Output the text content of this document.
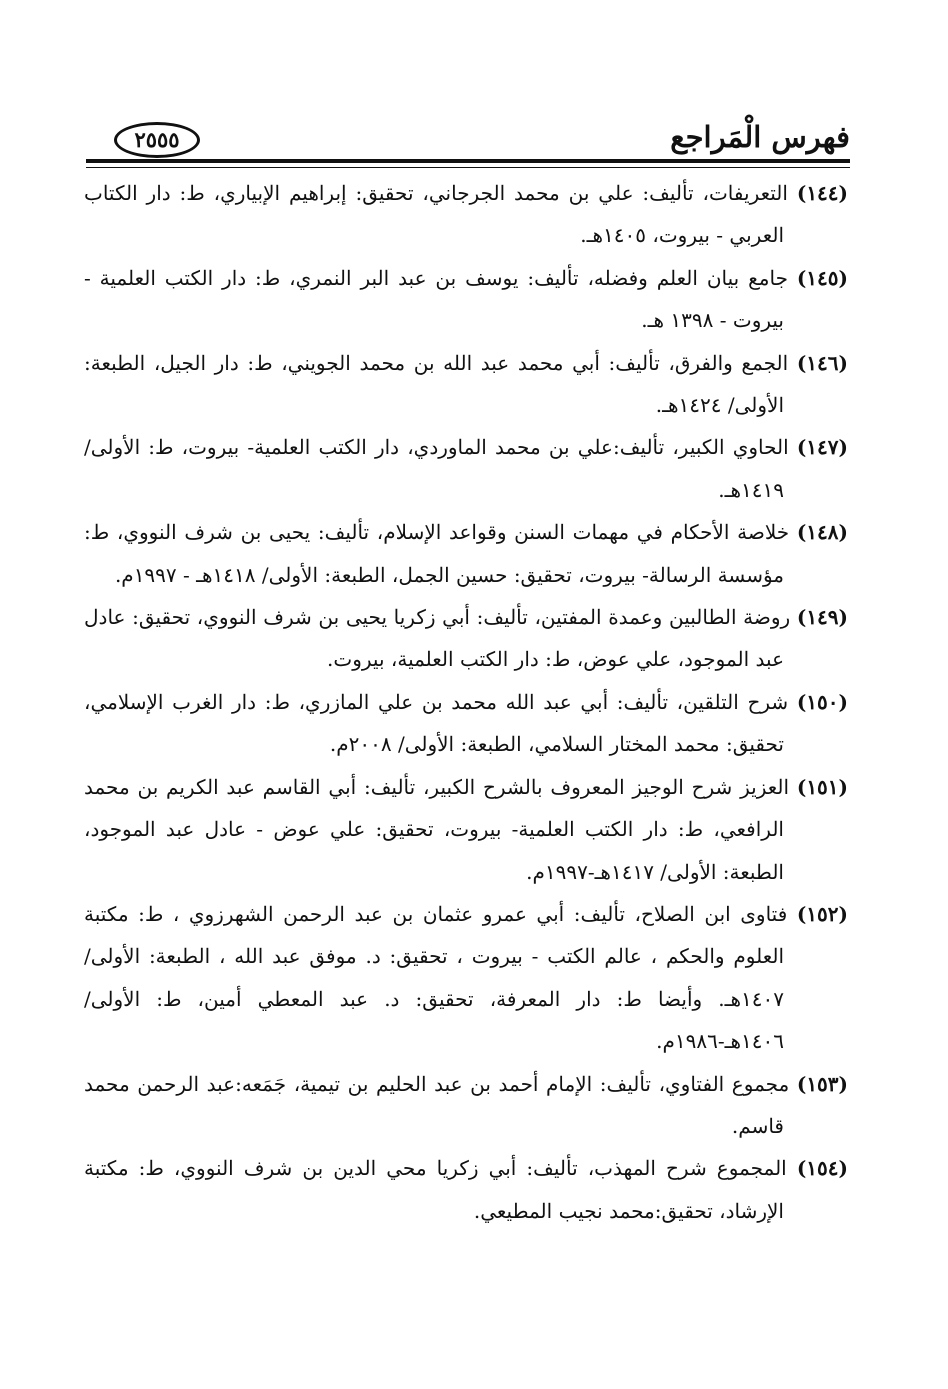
فهرس الْمَراجع
٢٥٥٥

(١٤٤) التعريفات، تأليف: علي بن محمد الجرجاني، تحقيق: إبراهيم الإبياري، ط: دار الكتاب العربي - بيروت، ١٤٠٥هـ.

(١٤٥) جامع بيان العلم وفضله، تأليف: يوسف بن عبد البر النمري، ط: دار الكتب العلمية - بيروت - ١٣٩٨ هـ.

(١٤٦) الجمع والفرق، تأليف: أبي محمد عبد الله بن محمد الجويني، ط: دار الجيل، الطبعة: الأولى/ ١٤٢٤هـ.

(١٤٧) الحاوي الكبير، تأليف:علي بن محمد الماوردي، دار الكتب العلمية- بيروت، ط: الأولى/ ١٤١٩هـ.

(١٤٨) خلاصة الأحكام في مهمات السنن وقواعد الإسلام، تأليف: يحيى بن شرف النووي، ط: مؤسسة الرسالة- بيروت، تحقيق: حسين الجمل، الطبعة: الأولى/ ١٤١٨هـ - ١٩٩٧م.

(١٤٩) روضة الطالبين وعمدة المفتين، تأليف: أبي زكريا يحيى بن شرف النووي، تحقيق: عادل عبد الموجود، علي عوض، ط: دار الكتب العلمية، بيروت.

(١٥٠) شرح التلقين، تأليف: أبي عبد الله محمد بن علي المازري، ط: دار الغرب الإسلامي، تحقيق: محمد المختار السلامي، الطبعة: الأولى/ ٢٠٠٨م.

(١٥١) العزيز شرح الوجيز المعروف بالشرح الكبير، تأليف: أبي القاسم عبد الكريم بن محمد الرافعي، ط: دار الكتب العلمية- بيروت، تحقيق: علي عوض - عادل عبد الموجود، الطبعة: الأولى/ ١٤١٧هـ-١٩٩٧م.

(١٥٢) فتاوى ابن الصلاح، تأليف: أبي عمرو عثمان بن عبد الرحمن الشهرزوي ، ط: مكتبة العلوم والحكم ، عالم الكتب - بيروت ، تحقيق: د. موفق عبد الله ، الطبعة: الأولى/ ١٤٠٧هـ. وأيضا ط: دار المعرفة، تحقيق: د. عبد المعطي أمين، ط: الأولى/ ١٤٠٦هـ-١٩٨٦م.

(١٥٣) مجموع الفتاوي، تأليف: الإمام أحمد بن عبد الحليم بن تيمية، جَمَعه:عبد الرحمن محمد قاسم.

(١٥٤) المجموع شرح المهذب، تأليف: أبي زكريا محي الدين بن شرف النووي، ط: مكتبة الإرشاد، تحقيق:محمد نجيب المطيعي.
